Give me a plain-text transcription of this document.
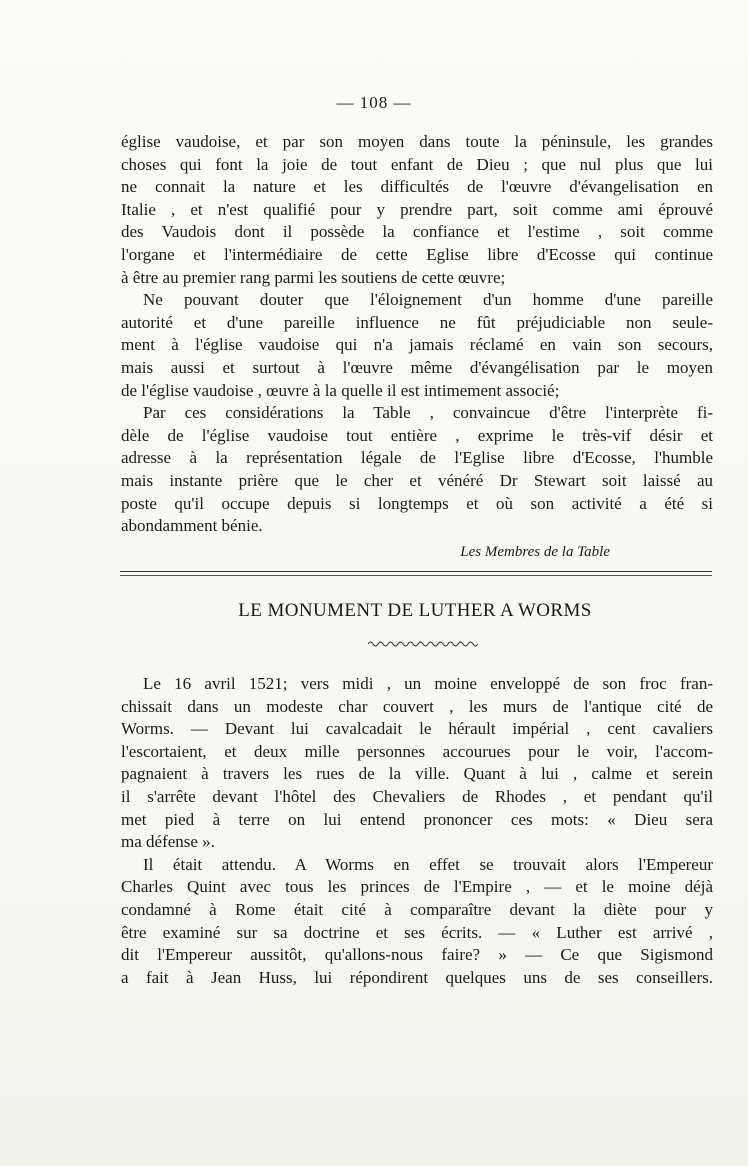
— 108 —
église vaudoise, et par son moyen dans toute la péninsule, les grandes
choses qui font la joie de tout enfant de Dieu ; que nul plus que lui
ne connait la nature et les difficultés de l'œuvre d'évangelisation en
Italie , et n'est qualifié pour y prendre part, soit comme ami éprouvé
des Vaudois dont il possède la confiance et l'estime , soit comme
l'organe et l'intermédiaire de cette Eglise libre d'Ecosse qui continue
à être au premier rang parmi les soutiens de cette œuvre;
Ne pouvant douter que l'éloignement d'un homme d'une pareille
autorité et d'une pareille influence ne fût préjudiciable non seule-
ment à l'église vaudoise qui n'a jamais réclamé en vain son secours,
mais aussi et surtout à l'œuvre même d'évangélisation par le moyen
de l'église vaudoise , œuvre à la quelle il est intimement associé;
Par ces considérations la Table , convaincue d'être l'interprète fi-
dèle de l'église vaudoise tout entière , exprime le très-vif désir et
adresse à la représentation légale de l'Eglise libre d'Ecosse, l'humble
mais instante prière que le cher et vénéré Dr Stewart soit laissé au
poste qu'il occupe depuis si longtemps et où son activité a été si
abondamment bénie.
Les Membres de la Table
LE MONUMENT DE LUTHER A WORMS
Le 16 avril 1521; vers midi , un moine enveloppé de son froc fran-
chissait dans un modeste char couvert , les murs de l'antique cité de
Worms. — Devant lui cavalcadait le hérault impérial , cent cavaliers
l'escortaient, et deux mille personnes accourues pour le voir, l'accom-
pagnaient à travers les rues de la ville. Quant à lui , calme et serein
il s'arrête devant l'hôtel des Chevaliers de Rhodes , et pendant qu'il
met pied à terre on lui entend prononcer ces mots: « Dieu sera
ma défense ».
Il était attendu. A Worms en effet se trouvait alors l'Empereur
Charles Quint avec tous les princes de l'Empire , — et le moine déjà
condamné à Rome était cité à comparaître devant la diète pour y
être examiné sur sa doctrine et ses écrits. — « Luther est arrivé ,
dit l'Empereur aussitôt, qu'allons-nous faire? » — Ce que Sigismond
a fait à Jean Huss, lui répondirent quelques uns de ses conseillers.
